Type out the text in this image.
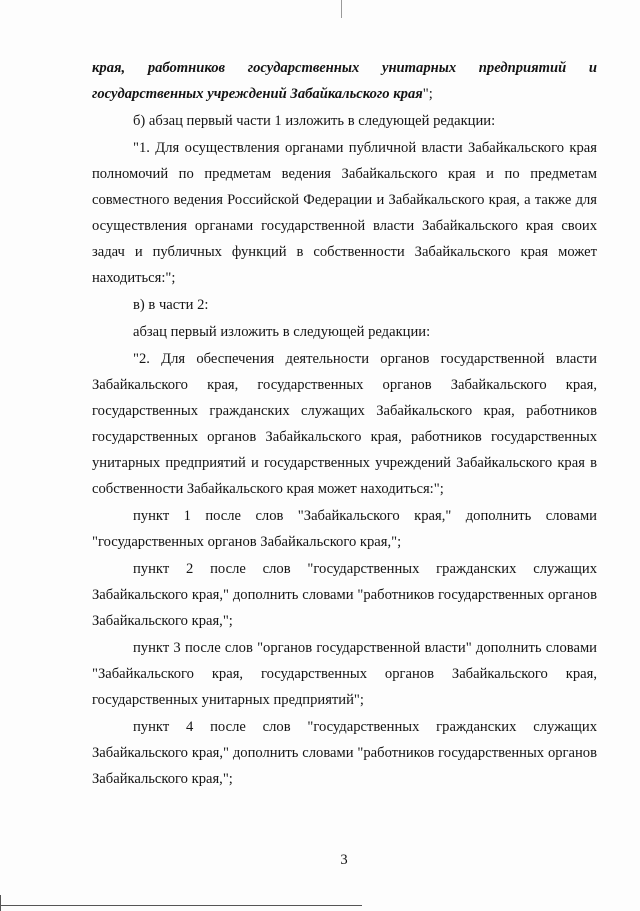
края, работников государственных унитарных предприятий и государственных учреждений Забайкальского края";

б) абзац первый части 1 изложить в следующей редакции:

"1. Для осуществления органами публичной власти Забайкальского края полномочий по предметам ведения Забайкальского края и по предметам совместного ведения Российской Федерации и Забайкальского края, а также для осуществления органами государственной власти Забайкальского края своих задач и публичных функций в собственности Забайкальского края может находиться:";

в) в части 2:

абзац первый изложить в следующей редакции:

"2. Для обеспечения деятельности органов государственной власти Забайкальского края, государственных органов Забайкальского края, государственных гражданских служащих Забайкальского края, работников государственных органов Забайкальского края, работников государственных унитарных предприятий и государственных учреждений Забайкальского края в собственности Забайкальского края может находиться:";

пункт 1 после слов "Забайкальского края," дополнить словами "государственных органов Забайкальского края,";

пункт 2 после слов "государственных гражданских служащих Забайкальского края," дополнить словами "работников государственных органов Забайкальского края,";

пункт 3 после слов "органов государственной власти" дополнить словами "Забайкальского края, государственных органов Забайкальского края, государственных унитарных предприятий";

пункт 4 после слов "государственных гражданских служащих Забайкальского края," дополнить словами "работников государственных органов Забайкальского края,";

3
